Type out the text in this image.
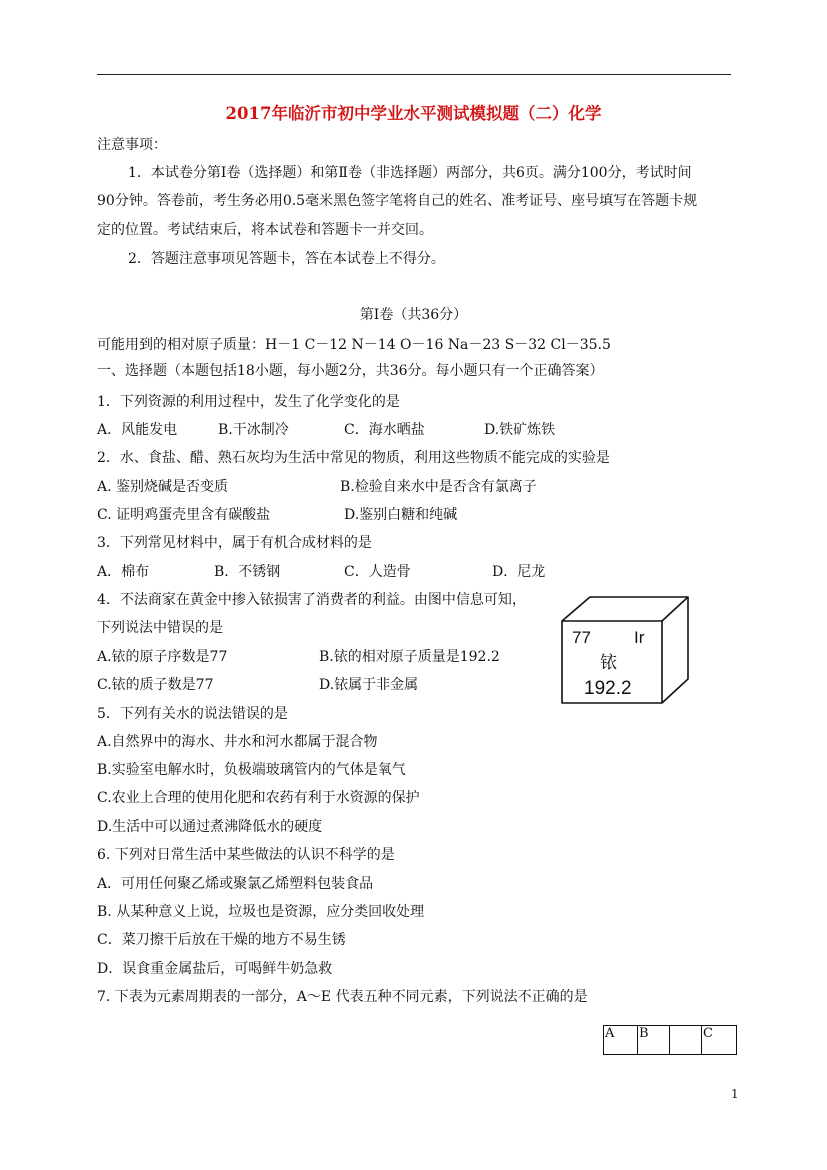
2017年临沂市初中学业水平测试模拟题（二）化学
注意事项：
1．本试卷分第Ⅰ卷（选择题）和第Ⅱ卷（非选择题）两部分，共6页。满分100分，考试时间
90分钟。答卷前，考生务必用0.5毫米黑色签字笔将自己的姓名、准考证号、座号填写在答题卡规
定的位置。考试结束后，将本试卷和答题卡一并交回。
2．答题注意事项见答题卡，答在本试卷上不得分。
第Ⅰ卷（共36分）
可能用到的相对原子质量：H－1 C－12 N－14 O－16 Na－23 S－32 Cl－35.5
一、选择题（本题包括18小题，每小题2分，共36分。每小题只有一个正确答案）
1．下列资源的利用过程中，发生了化学变化的是
A．风能发电	B.干冰制冷	C．海水晒盐	D.铁矿炼铁
2．水、食盐、醋、熟石灰均为生活中常见的物质，利用这些物质不能完成的实验是
A. 鉴别烧碱是否变质	B.检验自来水中是否含有氯离子
C. 证明鸡蛋壳里含有碳酸盐	D.鉴别白糖和纯碱
3．下列常见材料中，属于有机合成材料的是
A．棉布	B．不锈钢	C．人造骨	D．尼龙
4．不法商家在黄金中掺入铱损害了消费者的利益。由图中信息可知，
下列说法中错误的是
A.铱的原子序数是77	B.铱的相对原子质量是192.2
C.铱的质子数是77	D.铱属于非金属
77	Ir
铱
192.2
5．下列有关水的说法错误的是
A.自然界中的海水、井水和河水都属于混合物
B.实验室电解水时，负极端玻璃管内的气体是氧气
C.农业上合理的使用化肥和农药有利于水资源的保护
D.生活中可以通过煮沸降低水的硬度
6. 下列对日常生活中某些做法的认识不科学的是
A．可用任何聚乙烯或聚氯乙烯塑料包装食品
B. 从某种意义上说，垃圾也是资源，应分类回收处理
C．菜刀擦干后放在干燥的地方不易生锈
D．误食重金属盐后，可喝鲜牛奶急救
7. 下表为元素周期表的一部分，A～E 代表五种不同元素，下列说法不正确的是
A	B		C
1
